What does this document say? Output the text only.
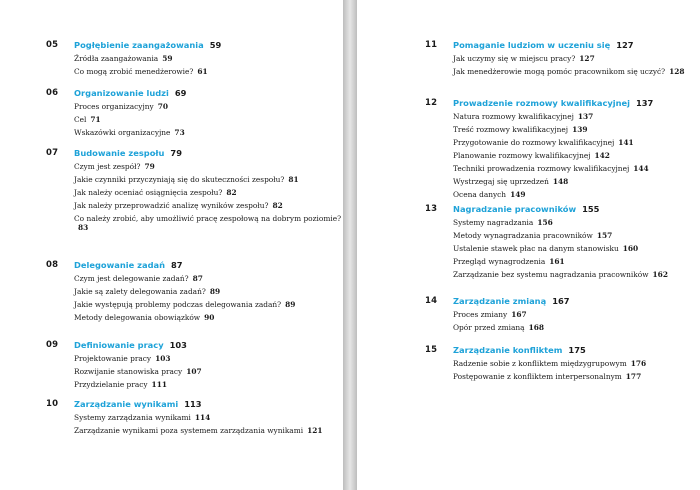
05 Pogłębienie zaangażowania 59
Źródła zaangażowania 59
Co mogą zrobić menedżerowie? 61
06 Organizowanie ludzi 69
Proces organizacyjny 70
Cel 71
Wskazówki organizacyjne 73
07 Budowanie zespołu 79
Czym jest zespół? 79
Jakie czynniki przyczyniają się do skuteczności zespołu? 81
Jak należy oceniać osiągnięcia zespołu? 82
Jak należy przeprowadzić analizę wyników zespołu? 82
Co należy zrobić, aby umożliwić pracę zespołową na dobrym poziomie?83
08 Delegowanie zadań 87
Czym jest delegowanie zadań? 87
Jakie są zalety delegowania zadań? 89
Jakie występują problemy podczas delegowania zadań? 89
Metody delegowania obowiązków 90
09 Definiowanie pracy 103
Projektowanie pracy 103
Rozwijanie stanowiska pracy 107
Przydzielanie pracy 111
10 Zarządzanie wynikami 113
Systemy zarządzania wynikami 114
Zarządzanie wynikami poza systemem zarządzania wynikami 121
11 Pomaganie ludziom w uczeniu się 127
Jak uczymy się w miejscu pracy? 127
Jak menedżerowie mogą pomóc pracownikom się uczyć? 128
12 Prowadzenie rozmowy kwalifikacyjnej 137
Natura rozmowy kwalifikacyjnej 137
Treść rozmowy kwalifikacyjnej 139
Przygotowanie do rozmowy kwalifikacyjnej 141
Planowanie rozmowy kwalifikacyjnej 142
Techniki prowadzenia rozmowy kwalifikacyjnej 144
Wystrzegaj się uprzedzeń 148
Ocena danych 149
13 Nagradzanie pracowników 155
Systemy nagradzania 156
Metody wynagradzania pracowników 157
Ustalenie stawek płac na danym stanowisku 160
Przegląd wynagrodzenia 161
Zarządzanie bez systemu nagradzania pracowników 162
14 Zarządzanie zmianą 167
Proces zmiany 167
Opór przed zmianą 168
15 Zarządzanie konfliktem 175
Radzenie sobie z konfliktem międzygrupowym 176
Postępowanie z konfliktem interpersonalnym 177
